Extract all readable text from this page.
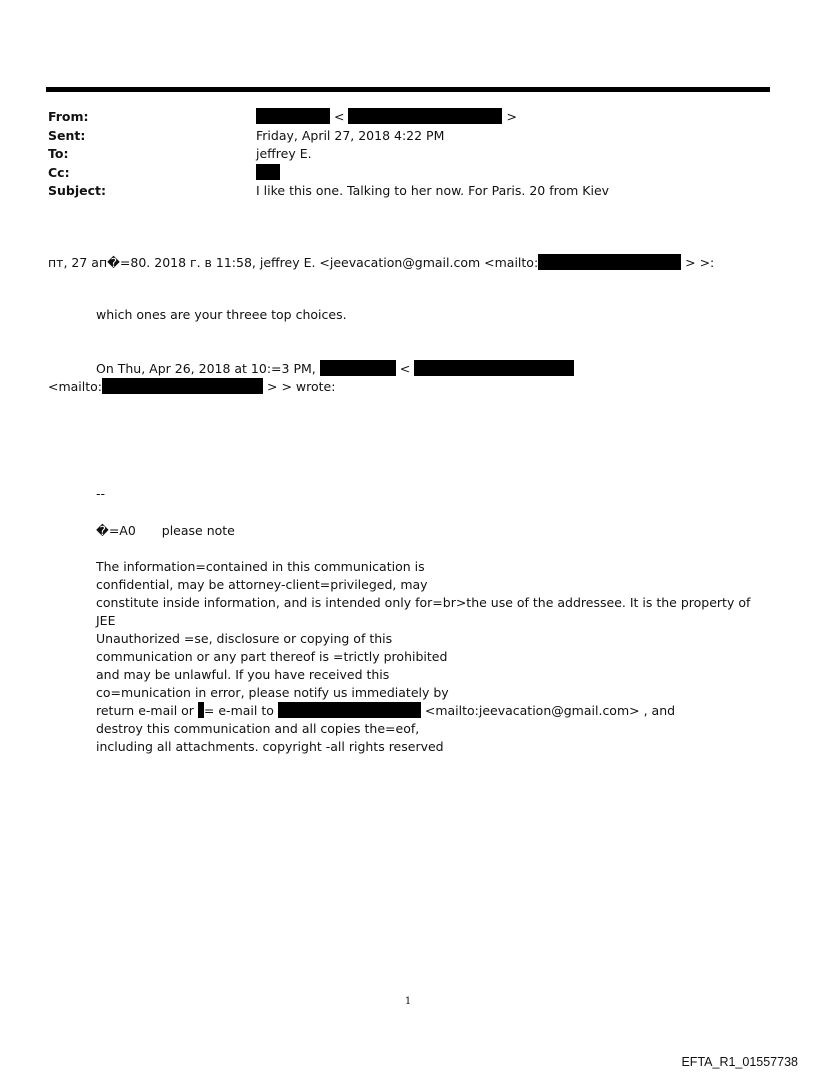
From:	<	>
Sent:	Friday, April 27, 2018 4:22 PM
To:	jeffrey E.
Cc:
Subject:	I like this one. Talking to her now. For Paris. 20 from Kiev
пт, 27 ап�=80. 2018 г. в 11:58, jeffrey E. <jeevacation@gmail.com <mailto:	> >:
which ones are your threee top choices.
On Thu, Apr 26, 2018 at 10:=3 PM,	<
<mailto:	> > wrote:
--
�=A0 please note
The information=contained in this communication is
confidential, may be attorney-client=privileged, may
constitute inside information, and is intended only for=br>the use of the addressee. It is the property of
JEE
Unauthorized =se, disclosure or copying of this
communication or any part thereof is =trictly prohibited
and may be unlawful. If you have received this
co=munication in error, please notify us immediately by
return e-mail or = e-mail to	<mailto:jeevacation@gmail.com> , and
destroy this communication and all copies the=eof,
including all attachments. copyright -all rights reserved
1
EFTA_R1_01557738
